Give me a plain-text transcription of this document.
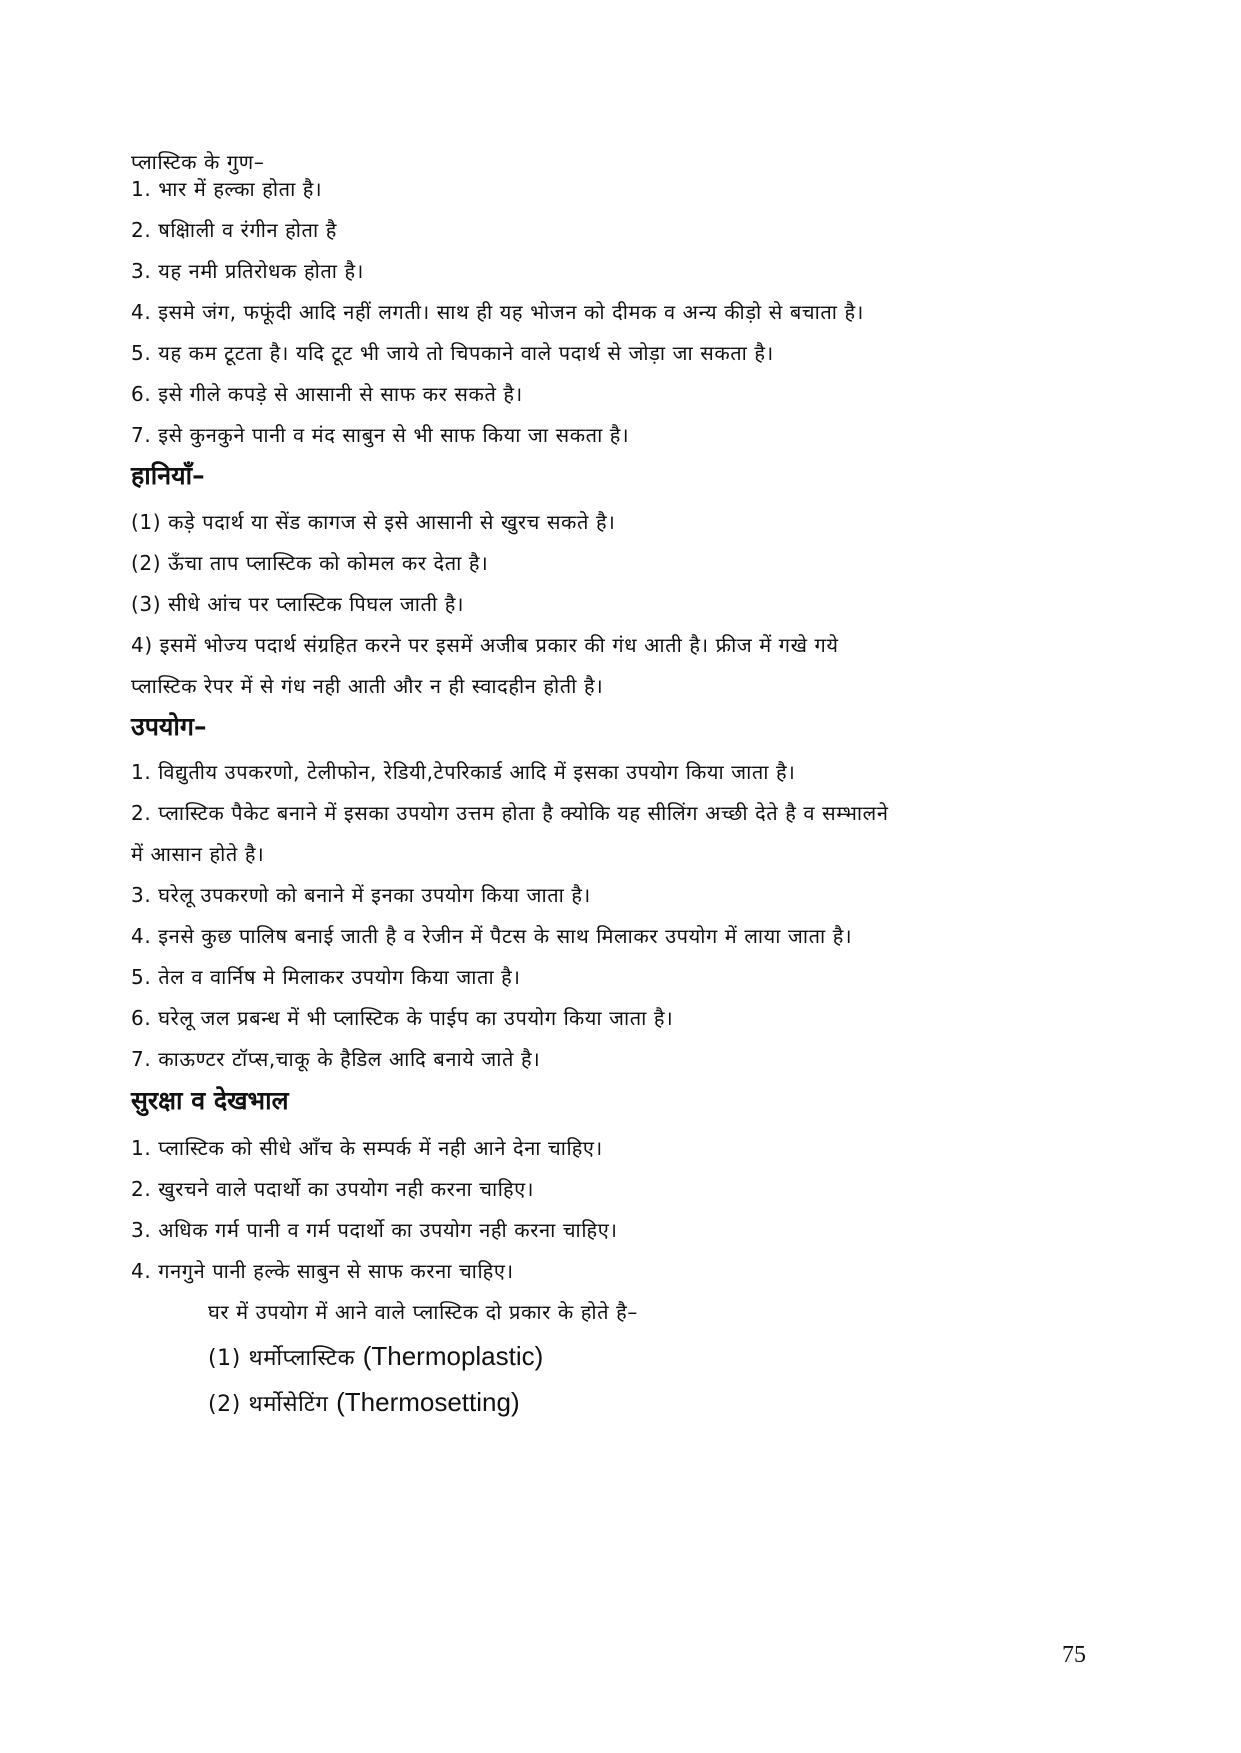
प्लास्टिक के गुण–
1. भार में हल्का होता है।
2. षक्षिाली व रंगीन होता है
3. यह नमी प्रतिरोधक होता है।
4. इसमे जंग, फफूंदी आदि नहीं लगती। साथ ही यह भोजन को दीमक व अन्य कीड़ो से बचाता है।
5. यह कम टूटता है। यदि टूट भी जाये तो चिपकाने वाले पदार्थ से जोड़ा जा सकता है।
6. इसे गीले कपड़े से आसानी से साफ कर सकते है।
7. इसे कुनकुने पानी व मंद साबुन से भी साफ किया जा सकता है।
हानियाँ–
(1) कड़े पदार्थ या सेंड कागज से इसे आसानी से खुरच सकते है।
(2) ऊँचा ताप प्लास्टिक को कोमल कर देता है।
(3) सीधे आंच पर प्लास्टिक पिघल जाती है।
4) इसमें भोज्य पदार्थ संग्रहित करने पर इसमें अजीब प्रकार की गंध आती है। फ्रीज में गखे गये
प्लास्टिक रेपर में से गंध नही आती और न ही स्वादहीन होती है।
उपयोग–
1. विद्युतीय उपकरणो, टेलीफोन, रेडियी,टेपरिकार्ड आदि में इसका उपयोग किया जाता है।
2. प्लास्टिक पैकेट बनाने में इसका उपयोग उत्तम होता है क्योकि यह सीलिंग अच्छी देते है व सम्भालने
में आसान होते है।
3. घरेलू उपकरणो को बनाने में इनका उपयोग किया जाता है।
4. इनसे कुछ पालिष बनाई जाती है व रेजीन में पैटस के साथ मिलाकर उपयोग में लाया जाता है।
5. तेल व वार्निष मे मिलाकर उपयोग किया जाता है।
6. घरेलू जल प्रबन्ध में भी प्लास्टिक के पाईप का उपयोग किया जाता है।
7. काऊण्टर टॉप्स,चाकू के हैडिल आदि बनाये जाते है।
सुरक्षा व देखभाल
1. प्लास्टिक को सीधे आँच के सम्पर्क में नही आने देना चाहिए।
2. खुरचने वाले पदार्थो का उपयोग नही करना चाहिए।
3. अधिक गर्म पानी व गर्म पदार्थो का उपयोग नही करना चाहिए।
4. गनगुने पानी हल्के साबुन से साफ करना चाहिए।
घर में उपयोग में आने वाले प्लास्टिक दो प्रकार के होते है–
(1) थर्मोप्लास्टिक (Thermoplastic)
(2) थर्मोसेटिंग (Thermosetting)
75
